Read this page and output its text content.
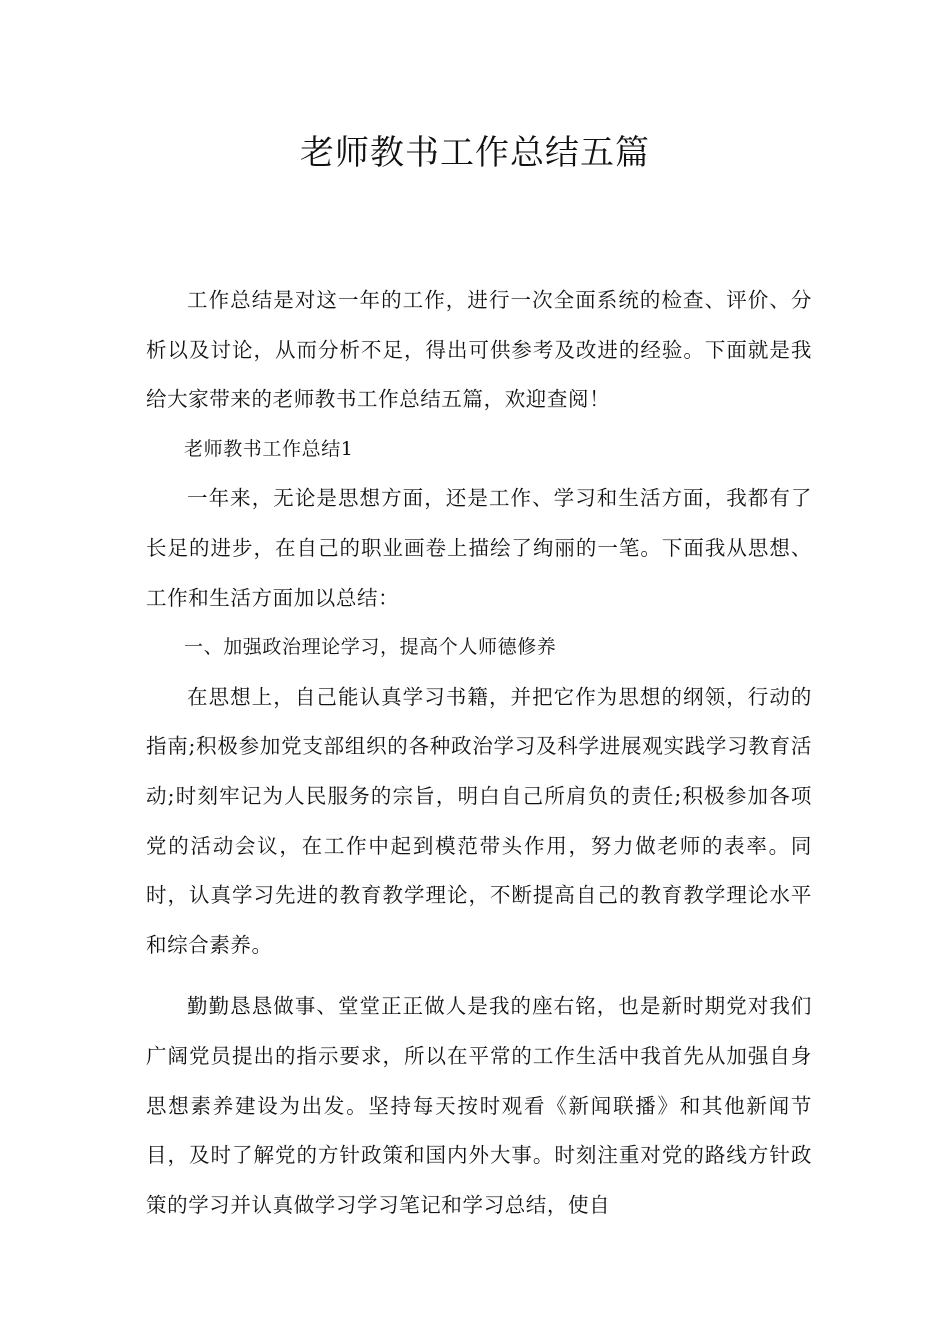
老师教书工作总结五篇

工作总结是对这一年的工作，进行一次全面系统的检查、评价、分析以及讨论，从而分析不足，得出可供参考及改进的经验。下面就是我给大家带来的老师教书工作总结五篇，欢迎查阅！

老师教书工作总结1

一年来，无论是思想方面，还是工作、学习和生活方面，我都有了长足的进步，在自己的职业画卷上描绘了绚丽的一笔。下面我从思想、工作和生活方面加以总结：

一、加强政治理论学习，提高个人师德修养

在思想上，自己能认真学习书籍，并把它作为思想的纲领，行动的指南;积极参加党支部组织的各种政治学习及科学进展观实践学习教育活动;时刻牢记为人民服务的宗旨，明白自己所肩负的责任;积极参加各项党的活动会议，在工作中起到模范带头作用，努力做老师的表率。同时，认真学习先进的教育教学理论，不断提高自己的教育教学理论水平和综合素养。

勤勤恳恳做事、堂堂正正做人是我的座右铭，也是新时期党对我们广阔党员提出的指示要求，所以在平常的工作生活中我首先从加强自身思想素养建设为出发。坚持每天按时观看《新闻联播》和其他新闻节目，及时了解党的方针政策和国内外大事。时刻注重对党的路线方针政策的学习并认真做学习学习笔记和学习总结，使自
